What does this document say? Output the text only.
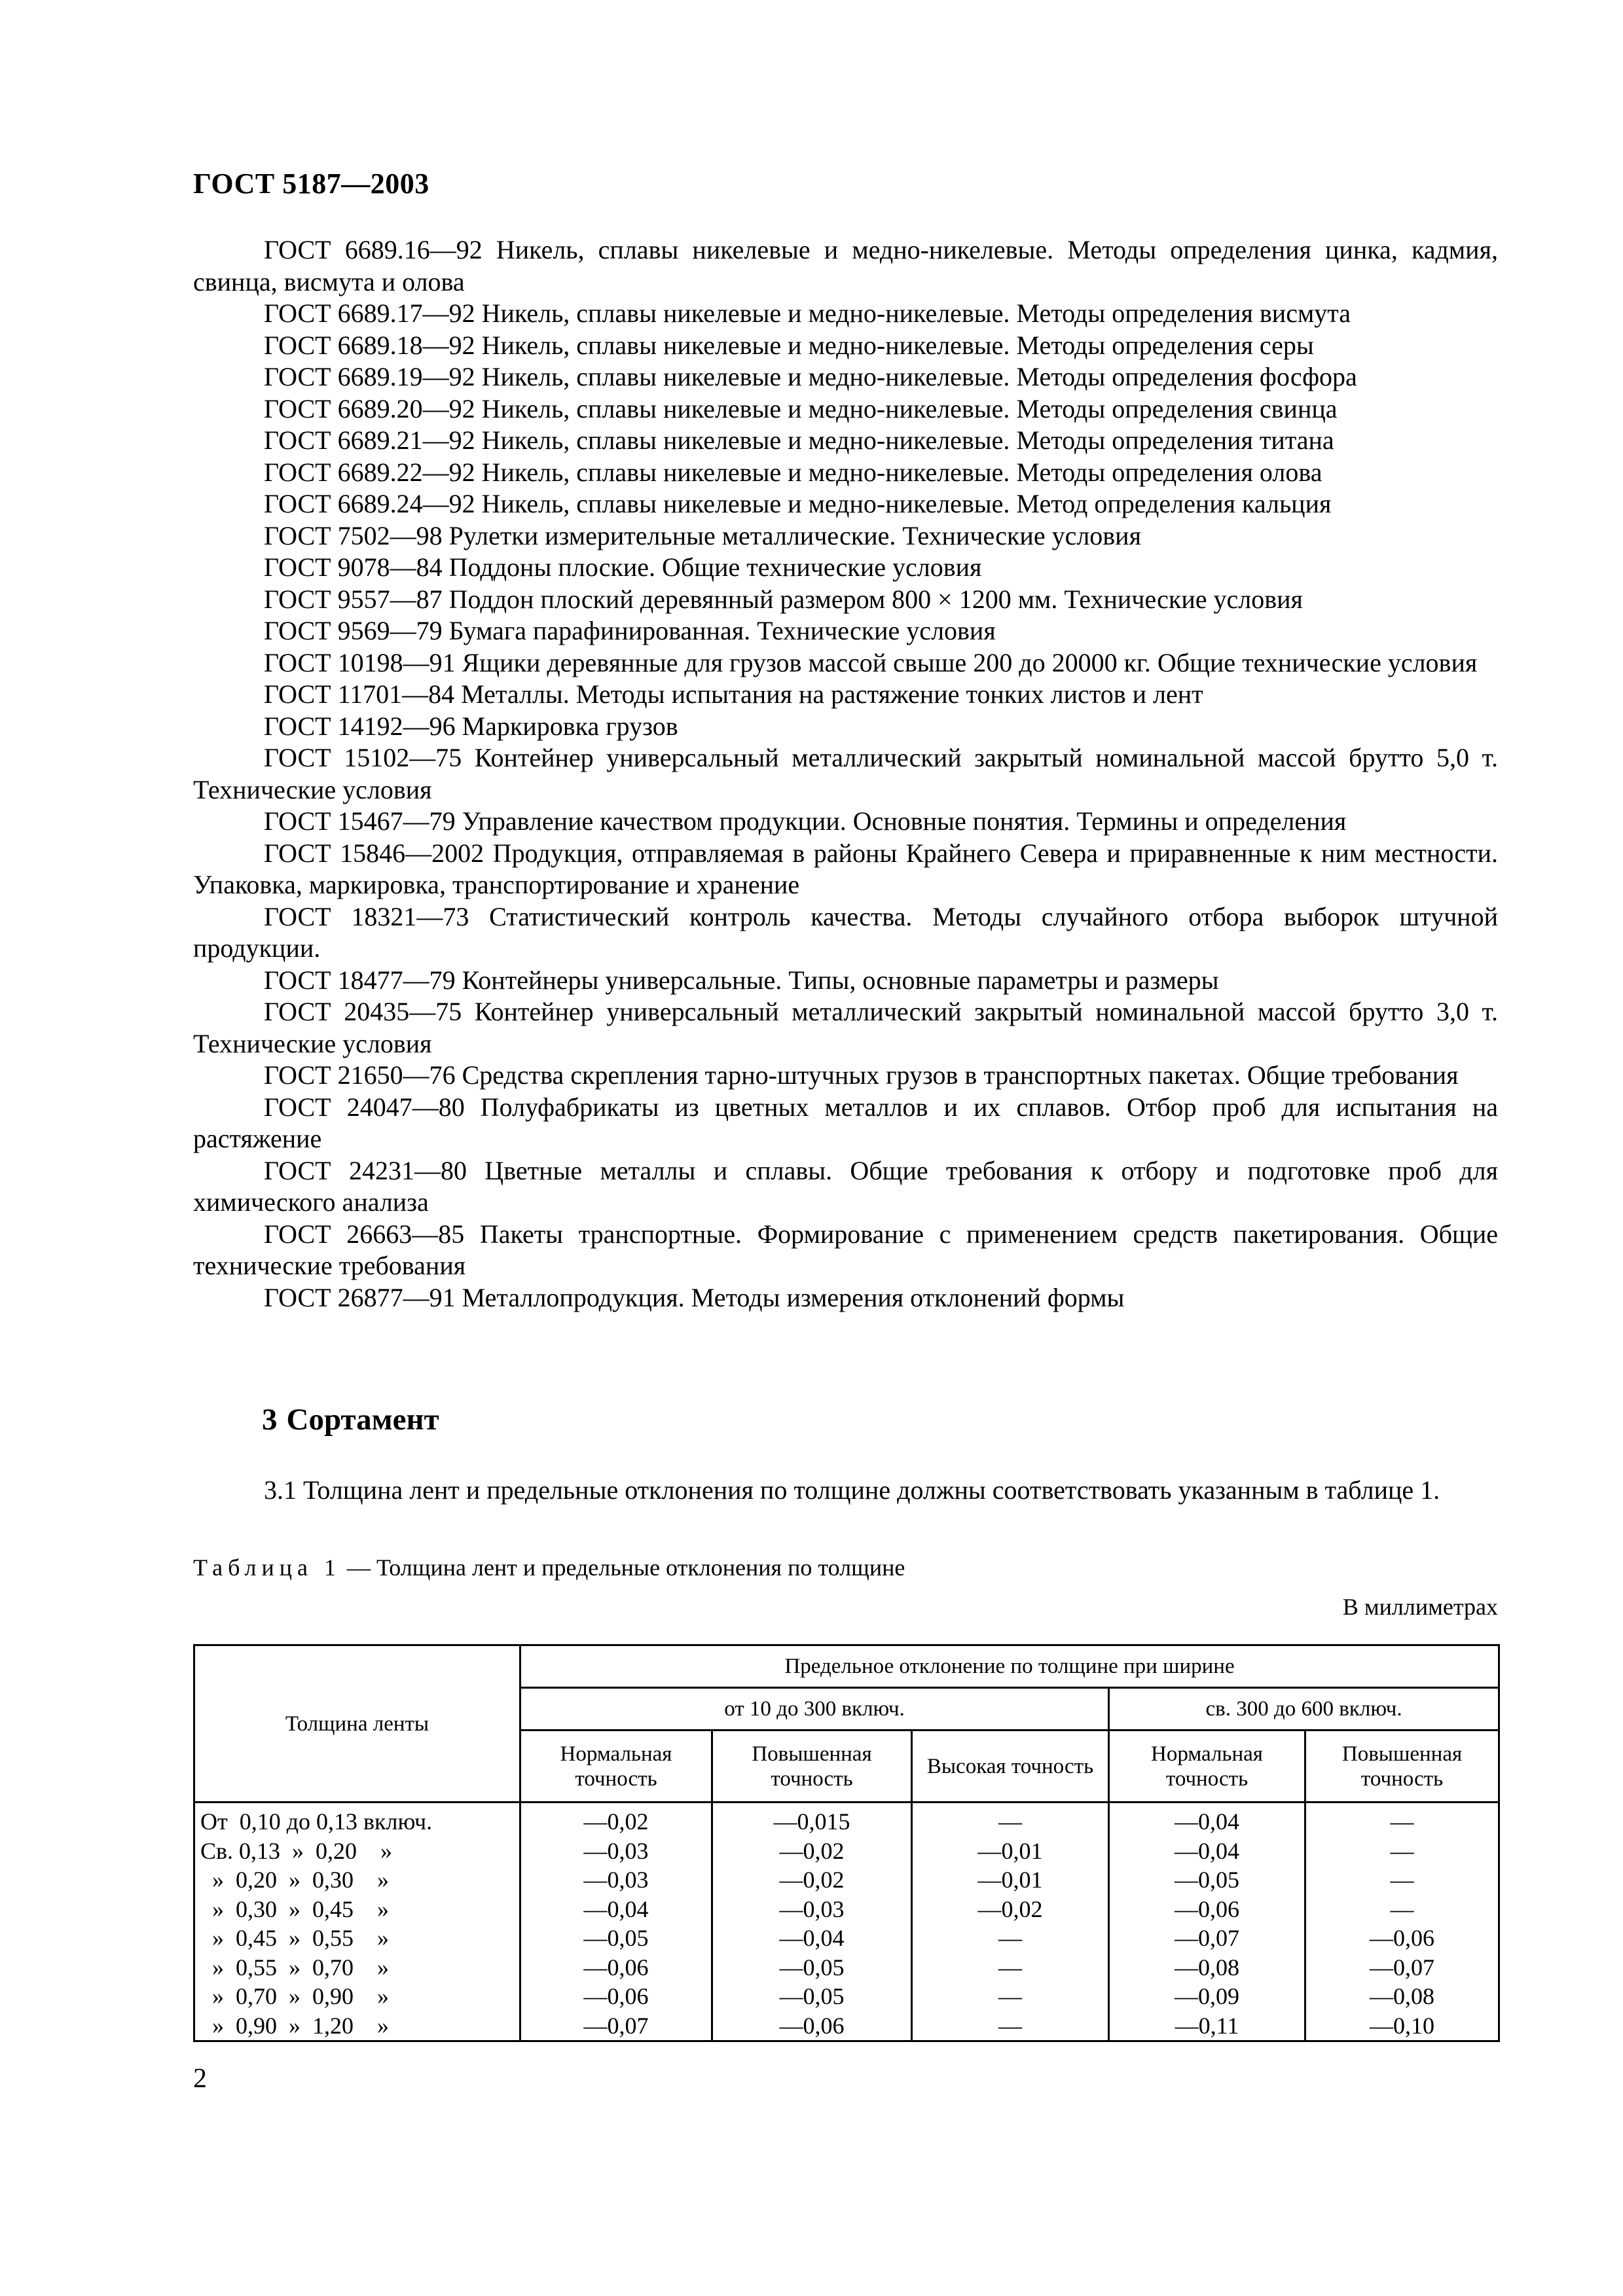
ГОСТ 5187—2003

ГОСТ 6689.16—92 Никель, сплавы никелевые и медно-никелевые. Методы определения цинка, кадмия, свинца, висмута и олова

ГОСТ 6689.17—92 Никель, сплавы никелевые и медно-никелевые. Методы определения висмута

ГОСТ 6689.18—92 Никель, сплавы никелевые и медно-никелевые. Методы определения серы

ГОСТ 6689.19—92 Никель, сплавы никелевые и медно-никелевые. Методы определения фосфора

ГОСТ 6689.20—92 Никель, сплавы никелевые и медно-никелевые. Методы определения свинца

ГОСТ 6689.21—92 Никель, сплавы никелевые и медно-никелевые. Методы определения титана

ГОСТ 6689.22—92 Никель, сплавы никелевые и медно-никелевые. Методы определения олова

ГОСТ 6689.24—92 Никель, сплавы никелевые и медно-никелевые. Метод определения кальция

ГОСТ 7502—98 Рулетки измерительные металлические. Технические условия

ГОСТ 9078—84 Поддоны плоские. Общие технические условия

ГОСТ 9557—87 Поддон плоский деревянный размером 800 × 1200 мм. Технические условия

ГОСТ 9569—79 Бумага парафинированная. Технические условия

ГОСТ 10198—91 Ящики деревянные для грузов массой свыше 200 до 20000 кг. Общие технические условия

ГОСТ 11701—84 Металлы. Методы испытания на растяжение тонких листов и лент

ГОСТ 14192—96 Маркировка грузов

ГОСТ 15102—75 Контейнер универсальный металлический закрытый номинальной массой брутто 5,0 т. Технические условия

ГОСТ 15467—79 Управление качеством продукции. Основные понятия. Термины и определения

ГОСТ 15846—2002 Продукция, отправляемая в районы Крайнего Севера и приравненные к ним местности. Упаковка, маркировка, транспортирование и хранение

ГОСТ 18321—73 Статистический контроль качества. Методы случайного отбора выборок штучной продукции.

ГОСТ 18477—79 Контейнеры универсальные. Типы, основные параметры и размеры

ГОСТ 20435—75 Контейнер универсальный металлический закрытый номинальной массой брутто 3,0 т. Технические условия

ГОСТ 21650—76 Средства скрепления тарно-штучных грузов в транспортных пакетах. Общие требования

ГОСТ 24047—80 Полуфабрикаты из цветных металлов и их сплавов. Отбор проб для испытания на растяжение

ГОСТ 24231—80 Цветные металлы и сплавы. Общие требования к отбору и подготовке проб для химического анализа

ГОСТ 26663—85 Пакеты транспортные. Формирование с применением средств пакетирования. Общие технические требования

ГОСТ 26877—91 Металлопродукция. Методы измерения отклонений формы

3 Сортамент

3.1 Толщина лент и предельные отклонения по толщине должны соответствовать указанным в таблице 1.

Таблица 1 — Толщина лент и предельные отклонения по толщине
В миллиметрах
Толщина ленты	Предельное отклонение по толщине при ширине				
	от 10 до 300 включ.			св. 300 до 600 включ.	
	Нормальная точность	Повышенная точность	Высокая точность	Нормальная точность	Повышенная точность
От  0,10 до 0,13 включ.	—0,02	—0,015	—	—0,04	—
Св. 0,13  »  0,20    »	—0,03	—0,02	—0,01	—0,04	—
»  0,20  »  0,30    »	—0,03	—0,02	—0,01	—0,05	—
»  0,30  »  0,45    »	—0,04	—0,03	—0,02	—0,06	—
»  0,45  »  0,55    »	—0,05	—0,04	—	—0,07	—0,06
»  0,55  »  0,70    »	—0,06	—0,05	—	—0,08	—0,07
»  0,70  »  0,90    »	—0,06	—0,05	—	—0,09	—0,08
»  0,90  »  1,20    »	—0,07	—0,06	—	—0,11	—0,10
2
